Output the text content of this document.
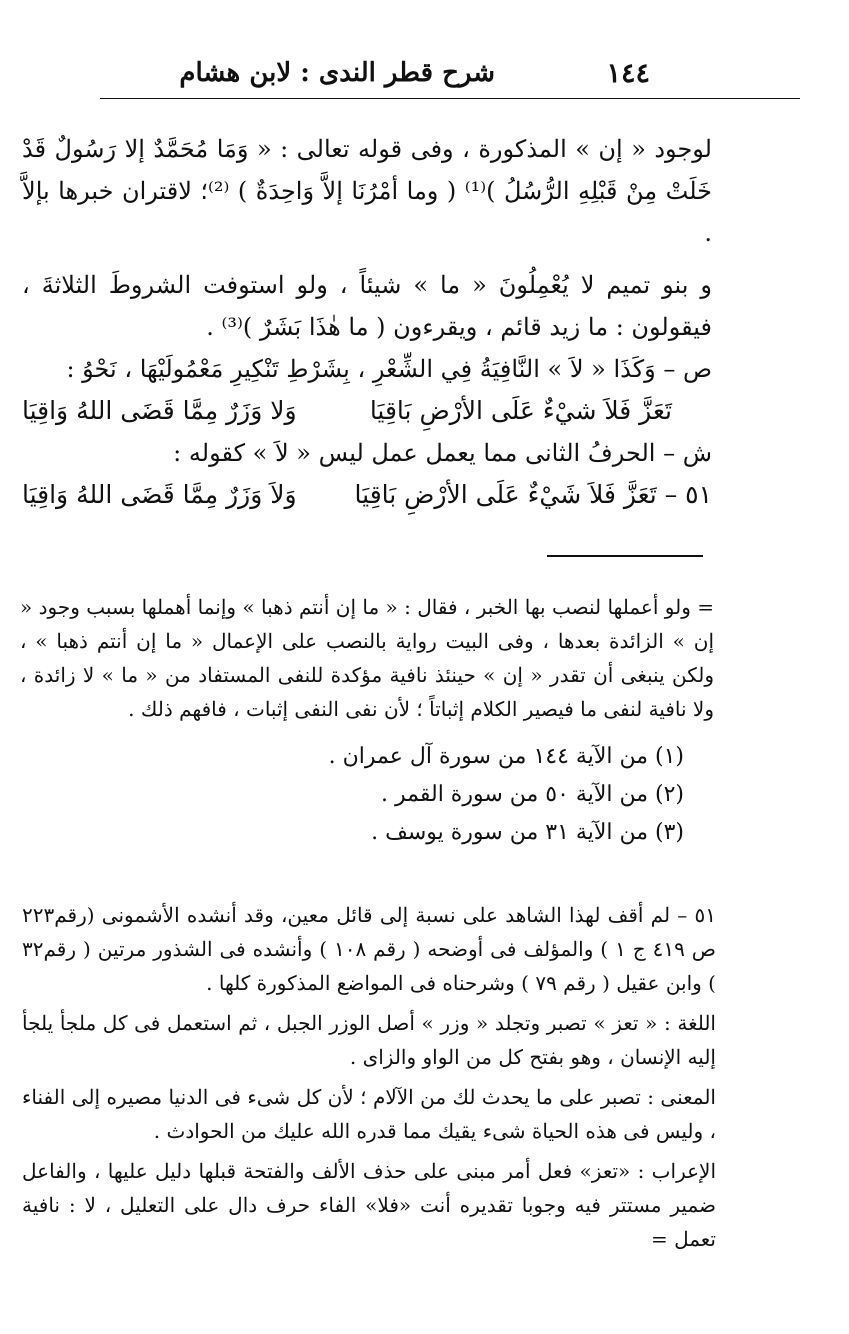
١٤٤
شرح قطر الندى : لابن هشام

لوجود « إن » المذكورة ، وفى قوله تعالى : « وَمَا مُحَمَّدٌ إلا رَسُولٌ قَدْ خَلَتْ مِنْ قَبْلِهِ الرُّسُلُ )⁽¹⁾ ( وما أمْرُنَا إلاَّ وَاحِدَةٌ ) ⁽²⁾؛ لاقتران خبرها بإلاَّ .

و بنو تميم لا يُعْمِلُونَ « ما » شيئاً ، ولو استوفت الشروطَ الثلاثةَ ، فيقولون : ما زيد قائم ، ويقرءون ( ما هٰذَا بَشَرٌ )⁽³⁾ .

ص – وَكَذَا « لاَ » النَّافِيَةُ فِي الشِّعْرِ ، بِشَرْطِ تَنْكِيرِ مَعْمُولَيْهَا ، نَحْوُ :

تَعَزَّ فَلاَ شيْءٌ عَلَى الأرْضِ بَاقِيَا
وَلا وَزَرٌ مِمَّا قَضَى اللهُ وَاقِيَا

ش – الحرفُ الثانى مما يعمل عمل ليس « لاَ » كقوله :

٥١ – تَعَزَّ فَلاَ شَيْءٌ عَلَى الأرْضِ بَاقِيَا
وَلاَ وَزَرٌ مِمَّا قَضَى اللهُ وَاقِيَا

= ولو أعملها لنصب بها الخبر ، فقال : « ما إن أنتم ذهبا » وإنما أهملها بسبب وجود « إن » الزائدة بعدها ، وفى البيت رواية بالنصب على الإعمال « ما إن أنتم ذهبا » ، ولكن ينبغى أن تقدر « إن » حينئذ نافية مؤكدة للنفى المستفاد من « ما » لا زائدة ، ولا نافية لنفى ما فيصير الكلام إثباتاً ؛ لأن نفى النفى إثبات ، فافهم ذلك .

(١) من الآية ١٤٤ من سورة آل عمران .

(٢) من الآية ٥٠ من سورة القمر .

(٣) من الآية ٣١ من سورة يوسف .

٥١ – لم أقف لهذا الشاهد على نسبة إلى قائل معين، وقد أنشده الأشمونى (رقم٢٢٣ ص ٤١٩ ج ١ ) والمؤلف فى أوضحه ( رقم ١٠٨ ) وأنشده فى الشذور مرتين ( رقم٣٢ ) وابن عقيل ( رقم ٧٩ ) وشرحناه فى المواضع المذكورة كلها .

اللغة : « تعز » تصبر وتجلد « وزر » أصل الوزر الجبل ، ثم استعمل فى كل ملجأ يلجأ إليه الإنسان ، وهو بفتح كل من الواو والزاى .

المعنى : تصبر على ما يحدث لك من الآلام ؛ لأن كل شىء فى الدنيا مصيره إلى الفناء ، وليس فى هذه الحياة شىء يقيك مما قدره الله عليك من الحوادث .

الإعراب : «تعز» فعل أمر مبنى على حذف الألف والفتحة قبلها دليل عليها ، والفاعل ضمير مستتر فيه وجوبا تقديره أنت «فلا» الفاء حرف دال على التعليل ، لا : نافية تعمل =
